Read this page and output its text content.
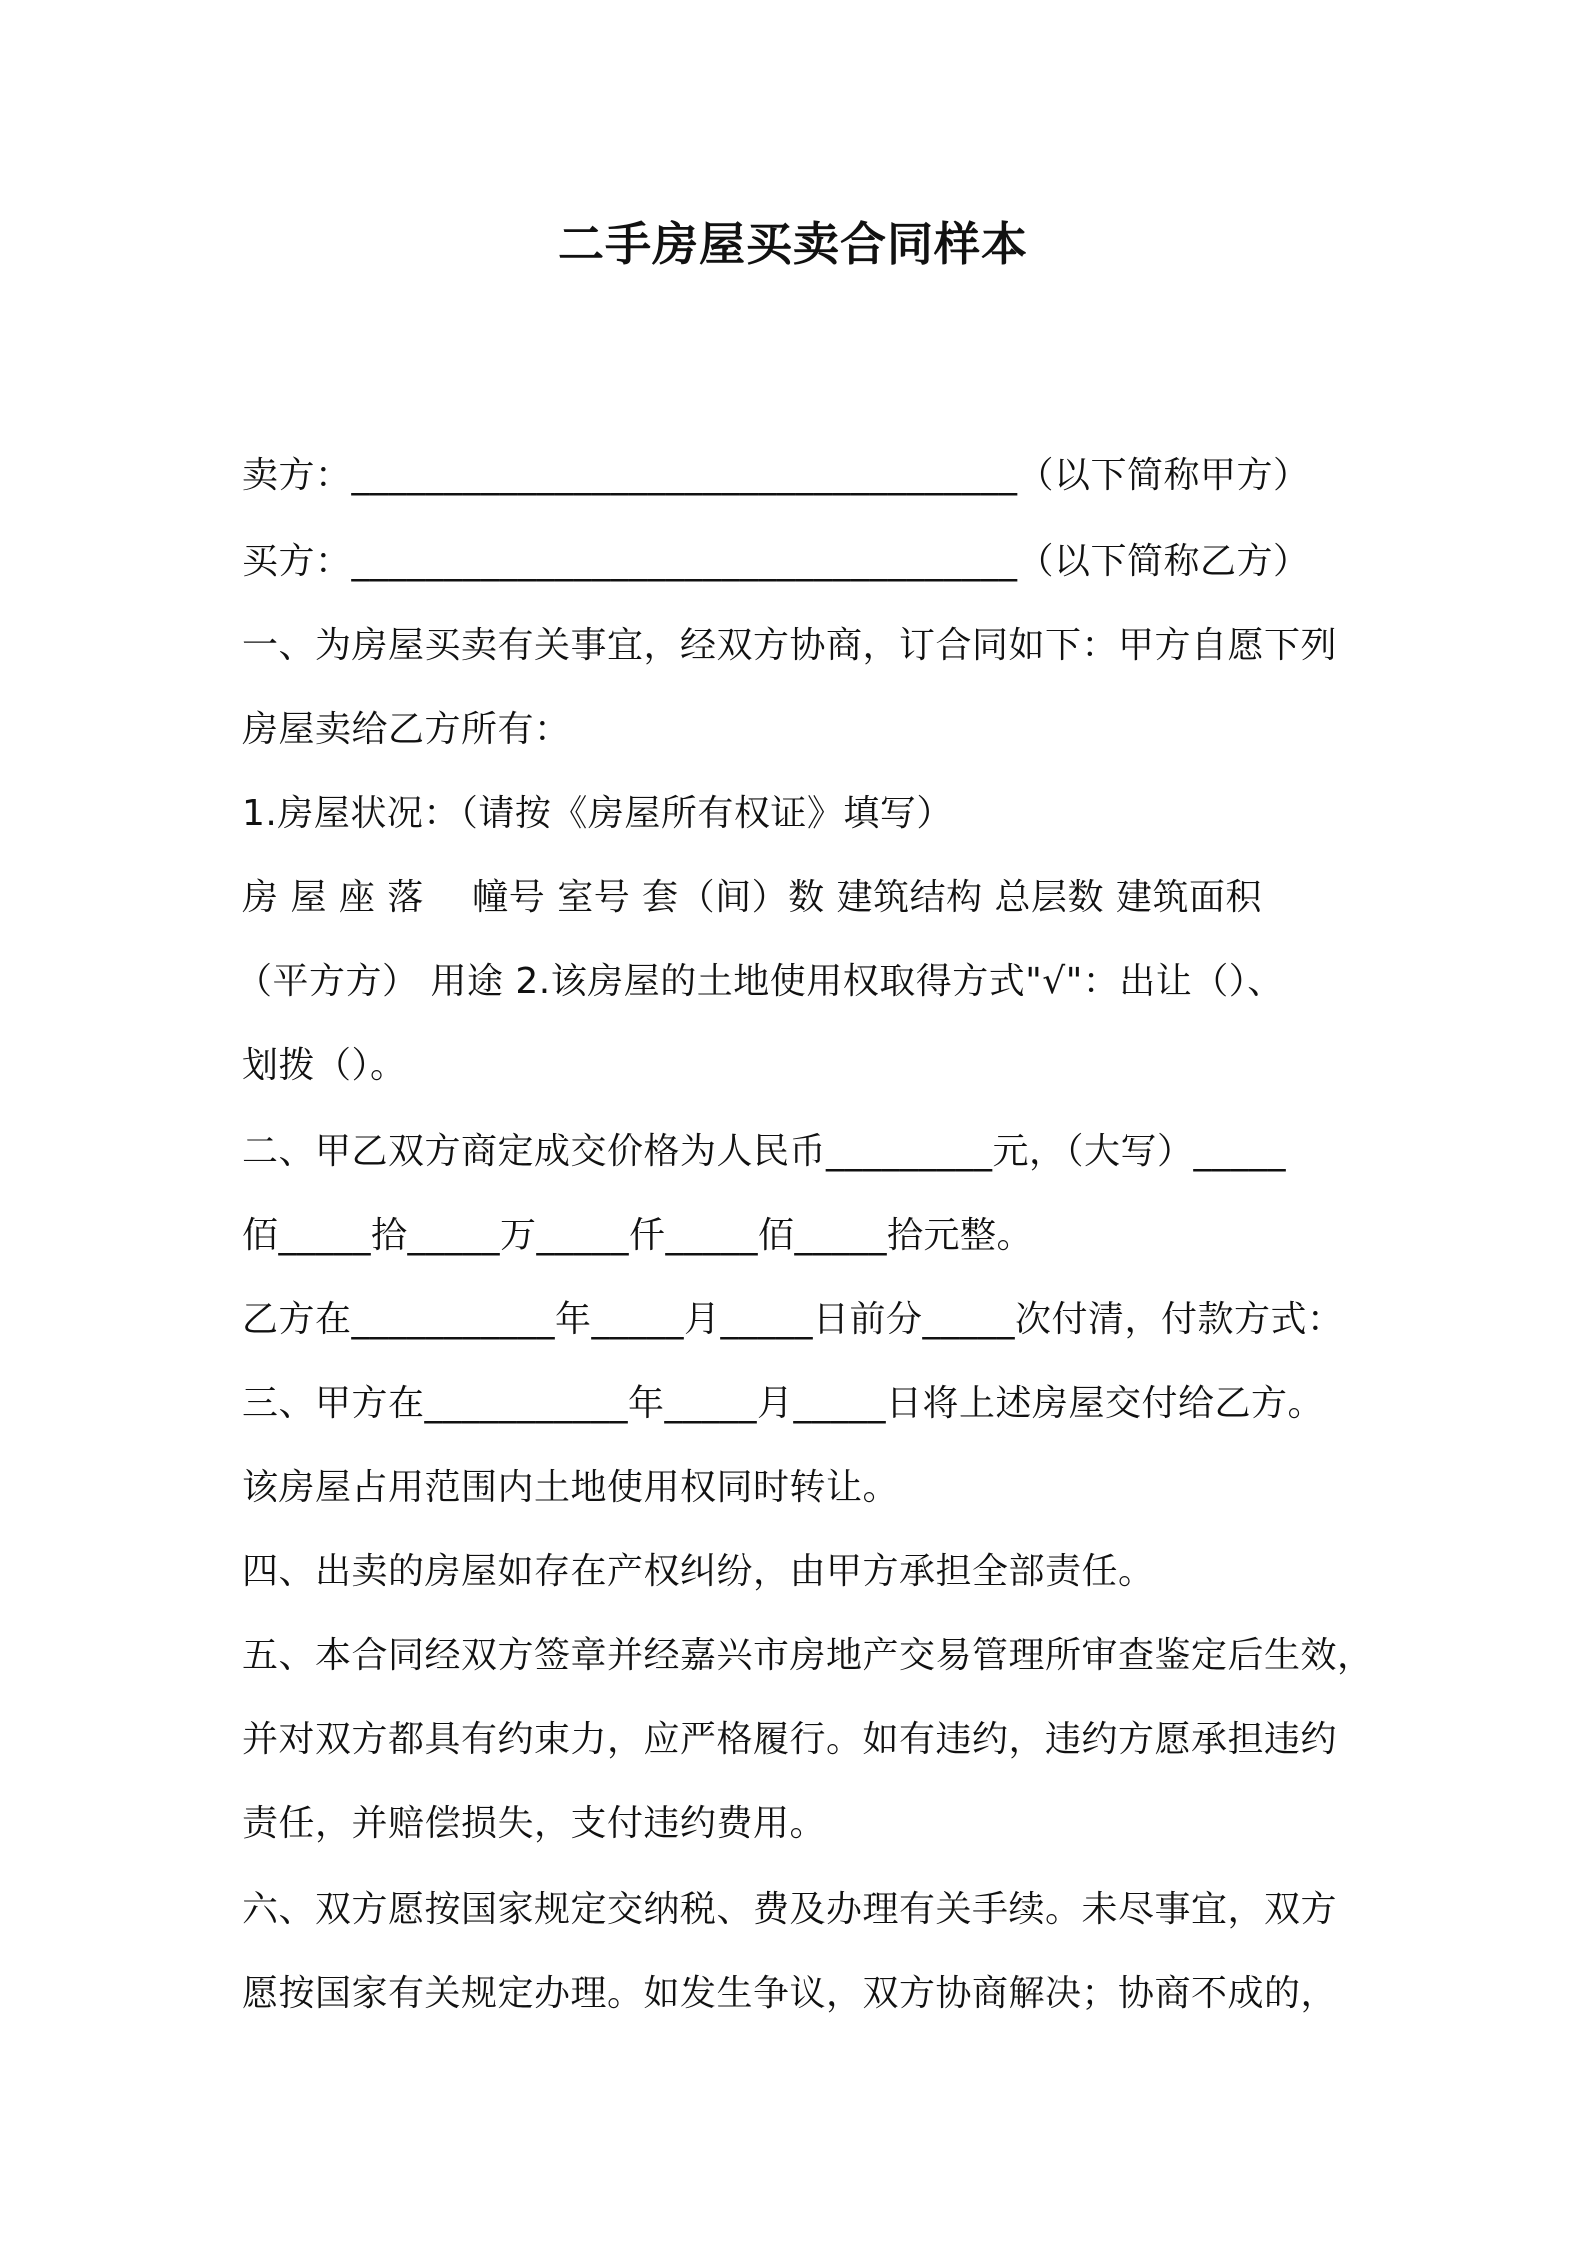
二手房屋买卖合同样本
卖方：____________________________________（以下简称甲方）
买方：____________________________________（以下简称乙方）
一、为房屋买卖有关事宜，经双方协商，订合同如下：甲方自愿下列
房屋卖给乙方所有：
1.房屋状况：（请按《房屋所有权证》填写）
房 屋 座 落　 幢号 室号 套（间）数 建筑结构 总层数 建筑面积
（平方方） 用途 2.该房屋的土地使用权取得方式"√"：出让（）、
划拨（）。
二、甲乙双方商定成交价格为人民币_________元，（大写）_____
佰_____拾_____万_____仟_____佰_____拾元整。
乙方在___________年_____月_____日前分_____次付清，付款方式：
三、甲方在___________年_____月_____日将上述房屋交付给乙方。
该房屋占用范围内土地使用权同时转让。
四、出卖的房屋如存在产权纠纷，由甲方承担全部责任。
五、本合同经双方签章并经嘉兴市房地产交易管理所审查鉴定后生效，
并对双方都具有约束力，应严格履行。如有违约，违约方愿承担违约
责任，并赔偿损失，支付违约费用。
六、双方愿按国家规定交纳税、费及办理有关手续。未尽事宜，双方
愿按国家有关规定办理。如发生争议，双方协商解决；协商不成的，
